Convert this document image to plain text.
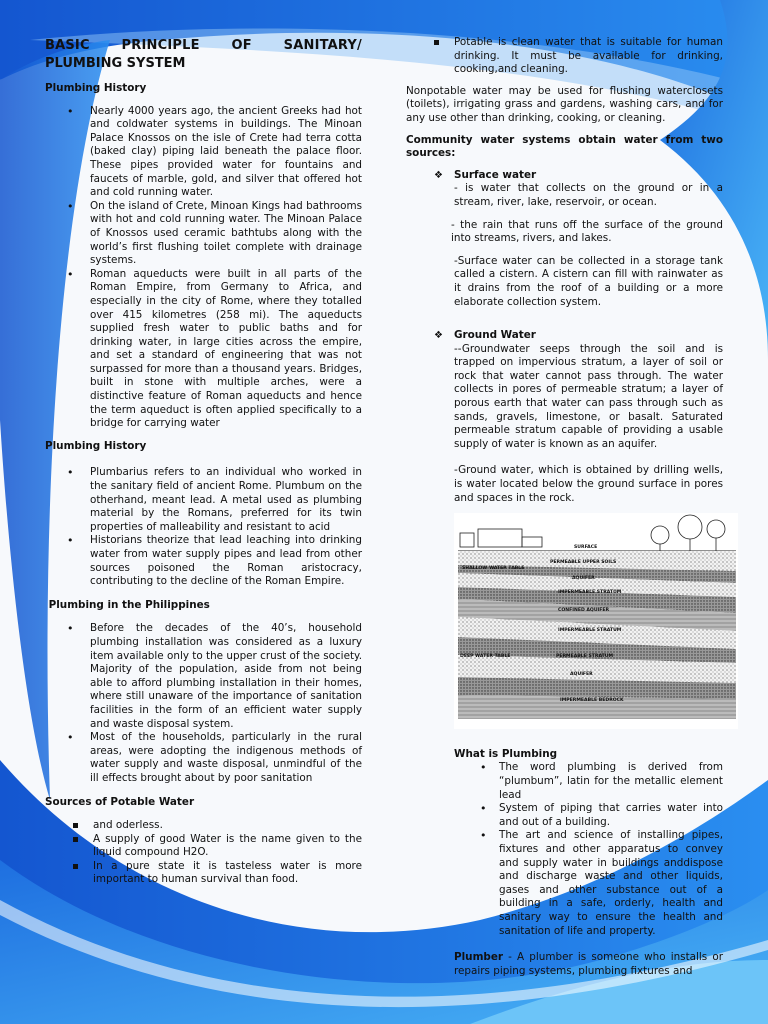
BASIC PRINCIPLE OF SANITARY/
PLUMBING SYSTEM
Plumbing History
• Nearly 4000 years ago, the ancient Greeks had hot and coldwater systems in buildings. The Minoan Palace Knossos on the isle of Crete had terra cotta (baked clay) piping laid beneath the palace floor. These pipes provided water for fountains and faucets of marble, gold, and silver that offered hot and cold running water.
• On the island of Crete, Minoan Kings had bathrooms with hot and cold running water. The Minoan Palace of Knossos used ceramic bathtubs along with the world’s first flushing toilet complete with drainage systems.
• Roman aqueducts were built in all parts of the Roman Empire, from Germany to Africa, and especially in the city of Rome, where they totalled over 415 kilometres (258 mi). The aqueducts supplied fresh water to public baths and for drinking water, in large cities across the empire, and set a standard of engineering that was not surpassed for more than a thousand years. Bridges, built in stone with multiple arches, were a distinctive feature of Roman aqueducts and hence the term aqueduct is often applied specifically to a bridge for carrying water
Plumbing History
• Plumbarius refers to an individual who worked in the sanitary field of ancient Rome. Plumbum on the otherhand, meant lead. A metal used as plumbing material by the Romans, preferred for its twin properties of malleability and resistant to acid
• Historians theorize that lead leaching into drinking water from water supply pipes and lead from other sources poisoned the Roman aristocracy, contributing to the decline of the Roman Empire.
Plumbing in the Philippines
• Before the decades of the 40’s, household plumbing installation was considered as a luxury item available only to the upper crust of the society. Majority of the population, aside from not being able to afford plumbing installation in their homes, where still unaware of the importance of sanitation facilities in the form of an efficient water supply and waste disposal system.
• Most of the households, particularly in the rural areas, were adopting the indigenous methods of water supply and waste disposal, unmindful of the ill effects brought about by poor sanitation
Sources of Potable Water
and oderless.
A supply of good Water is the name given to the liquid compound H2O.
In a pure state it is tasteless water is more important to human survival than food.
Potable is clean water that is suitable for human drinking. It must be available for drinking, cooking,and cleaning.

Nonpotable water may be used for flushing waterclosets (toilets), irrigating grass and gardens, washing cars, and for any use other than drinking, cooking, or cleaning.

Community water systems obtain water from two sources:

❖	Surface water

- is water that collects on the ground or in a stream, river, lake, reservoir, or ocean.

- the rain that runs off the surface of the ground into streams, rivers, and lakes.

-Surface water can be collected in a storage tank called a cistern. A cistern can fill with rainwater as it drains from the roof of a building or a more elaborate collection system.

❖	Ground Water

--Groundwater seeps through the soil and is trapped on impervious stratum, a layer of soil or rock that water cannot pass through. The water collects in pores of permeable stratum; a layer of porous earth that water can pass through such as sands, gravels, limestone, or basalt. Saturated permeable stratum capable of providing a usable supply of water is known as an aquifer.

-Ground water, which is obtained by drilling wells, is water located below the ground surface in pores and spaces in the rock.

SURFACE
PERMEABLE UPPER SOILS
SHALLOW WATER TABLE
AQUIFER
IMPERMEABLE STRATUM
CONFINED AQUIFER
IMPERMEABLE STRATUM
DEEP WATER TABLE	PERMEABLE STRATUM
AQUIFER
IMPERMEABLE BEDROCK
What is Plumbing
• The word plumbing is derived from “plumbum”, latin for the metallic element lead
• System of piping that carries water into and out of a building.
• The art and science of installing pipes, fixtures and other apparatus to convey and supply water in buildings anddispose and discharge waste and other liquids, gases and other substance out of a building in a safe, orderly, health and sanitary way to ensure the health and sanitation of life and property.

Plumber - A plumber is someone who installs or repairs piping systems, plumbing fixtures and
